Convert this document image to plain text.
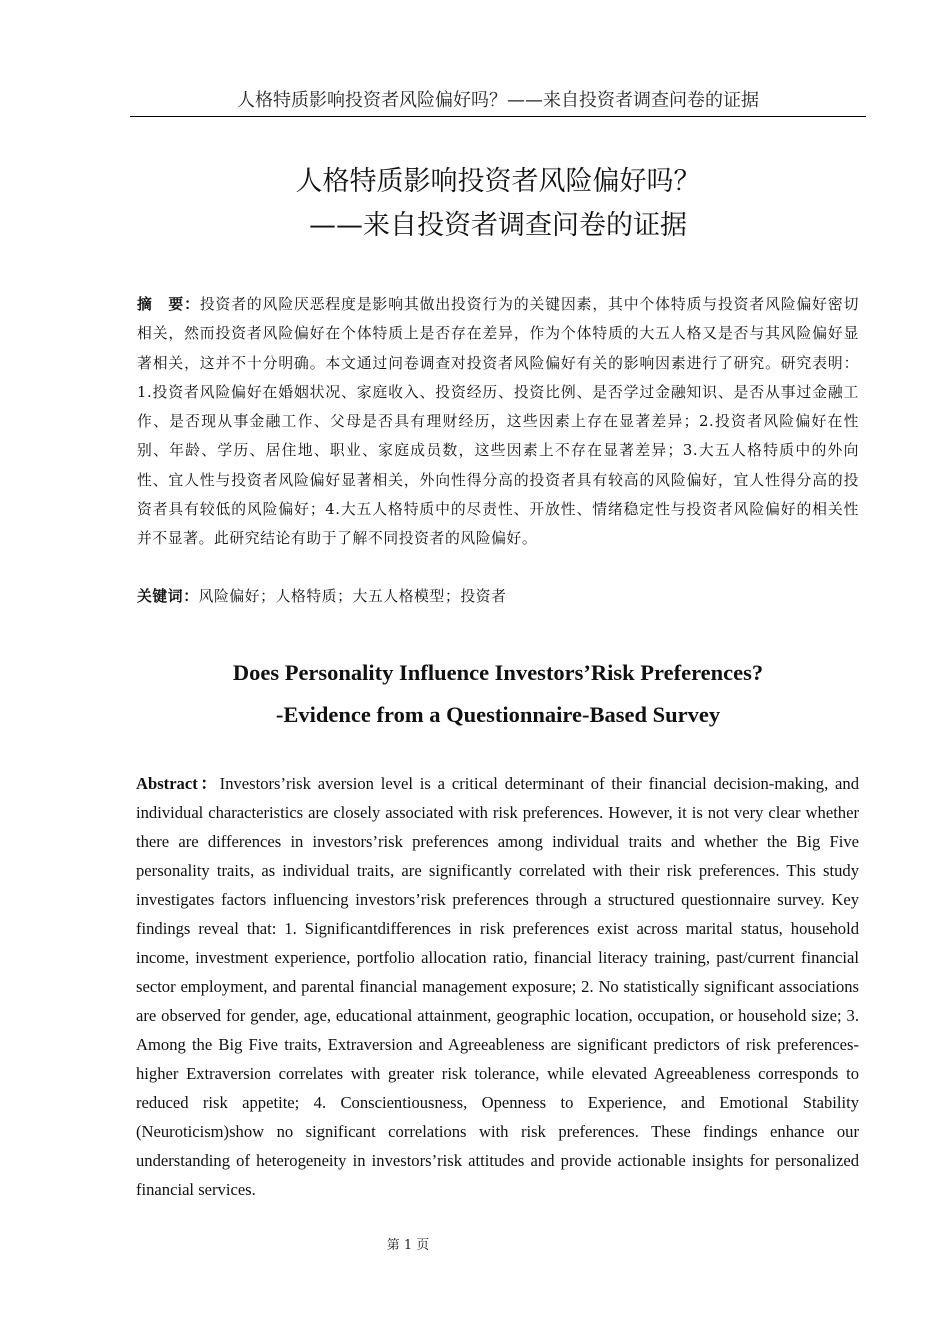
人格特质影响投资者风险偏好吗？——来自投资者调查问卷的证据
人格特质影响投资者风险偏好吗？
——来自投资者调查问卷的证据
摘　要：投资者的风险厌恶程度是影响其做出投资行为的关键因素，其中个体特质与投资者风险偏好密切相关，然而投资者风险偏好在个体特质上是否存在差异，作为个体特质的大五人格又是否与其风险偏好显著相关，这并不十分明确。本文通过问卷调查对投资者风险偏好有关的影响因素进行了研究。研究表明：1.投资者风险偏好在婚姻状况、家庭收入、投资经历、投资比例、是否学过金融知识、是否从事过金融工作、是否现从事金融工作、父母是否具有理财经历，这些因素上存在显著差异；2.投资者风险偏好在性别、年龄、学历、居住地、职业、家庭成员数，这些因素上不存在显著差异；3.大五人格特质中的外向性、宜人性与投资者风险偏好显著相关，外向性得分高的投资者具有较高的风险偏好，宜人性得分高的投资者具有较低的风险偏好；4.大五人格特质中的尽责性、开放性、情绪稳定性与投资者风险偏好的相关性并不显著。此研究结论有助于了解不同投资者的风险偏好。
关键词：风险偏好；人格特质；大五人格模型；投资者
Does Personality Influence Investors’Risk Preferences?
-Evidence from a Questionnaire-Based Survey
Abstract：Investors’risk aversion level is a critical determinant of their financial decision-making, and individual characteristics are closely associated with risk preferences. However, it is not very clear whether there are differences in investors’risk preferences among individual traits and whether the Big Five personality traits, as individual traits, are significantly correlated with their risk preferences. This study investigates factors influencing investors’risk preferences through a structured questionnaire survey. Key findings reveal that: 1. Significantdifferences in risk preferences exist across marital status, household income, investment experience, portfolio allocation ratio, financial literacy training, past/current financial sector employment, and parental financial management exposure; 2. No statistically significant associations are observed for gender, age, educational attainment, geographic location, occupation, or household size; 3. Among the Big Five traits, Extraversion and Agreeableness are significant predictors of risk preferences-higher Extraversion correlates with greater risk tolerance, while elevated Agreeableness corresponds to reduced risk appetite; 4. Conscientiousness, Openness to Experience, and Emotional Stability (Neuroticism)show no significant correlations with risk preferences. These findings enhance our understanding of heterogeneity in investors’risk attitudes and provide actionable insights for personalized financial services.
第 1 页
